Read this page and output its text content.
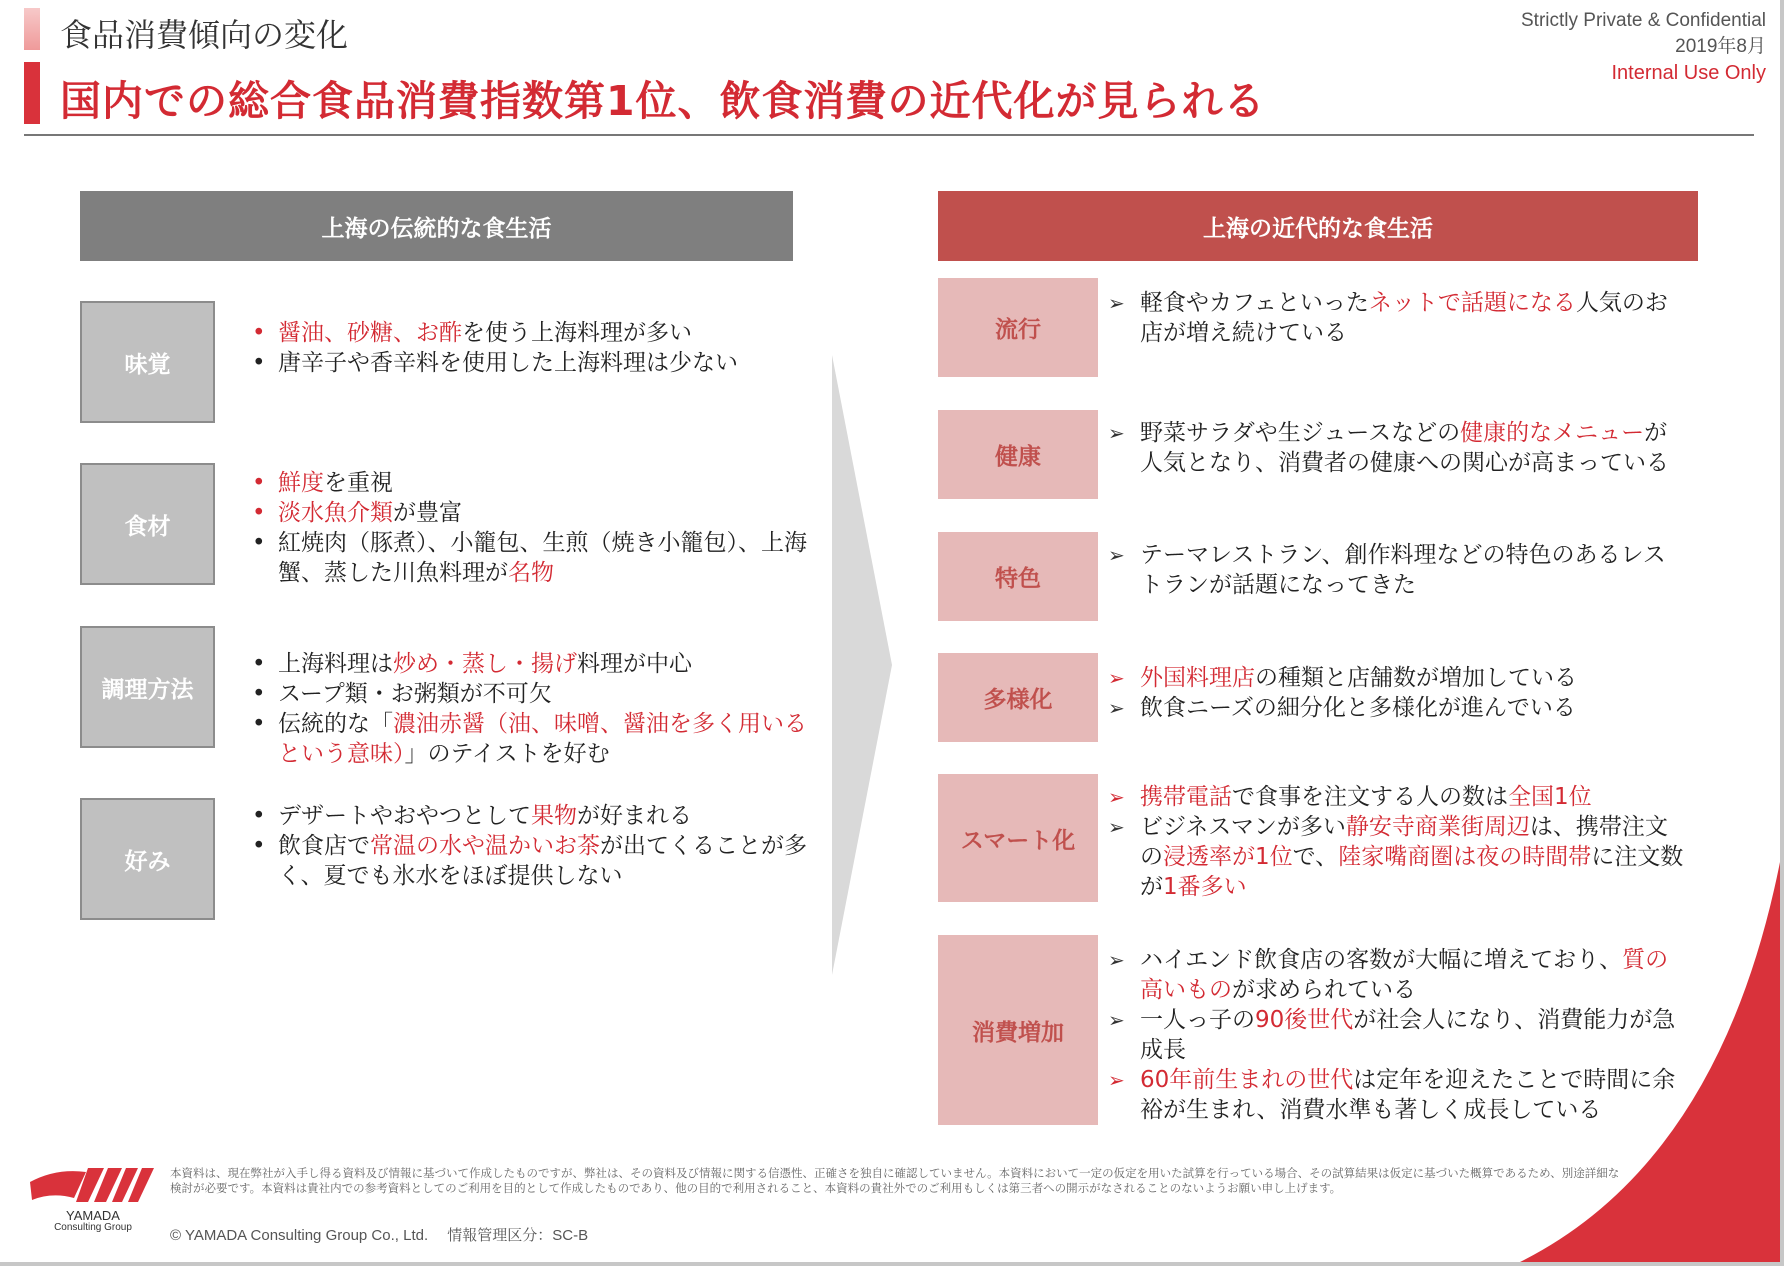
食品消費傾向の変化
国内での総合食品消費指数第1位、飲食消費の近代化が見られる
Strictly Private & Confidential
2019年8月
Internal Use Only
上海の伝統的な食生活
味覚
• 醤油、砂糖、お酢を使う上海料理が多い
• 唐辛子や香辛料を使用した上海料理は少ない
食材
• 鮮度を重視
• 淡水魚介類が豊富
• 紅焼肉（豚煮）、小籠包、生煎（焼き小籠包）、上海蟹、蒸した川魚料理が名物
調理方法
• 上海料理は炒め・蒸し・揚げ料理が中心
• スープ類・お粥類が不可欠
• 伝統的な「濃油赤醤（油、味噌、醤油を多く用いるという意味）」のテイストを好む
好み
• デザートやおやつとして果物が好まれる
• 飲食店で常温の水や温かいお茶が出てくることが多く、夏でも氷水をほぼ提供しない
上海の近代的な食生活
流行
➢ 軽食やカフェといったネットで話題になる人気のお店が増え続けている
健康
➢ 野菜サラダや生ジュースなどの健康的なメニューが人気となり、消費者の健康への関心が高まっている
特色
➢ テーマレストラン、創作料理などの特色のあるレストランが話題になってきた
多様化
➢ 外国料理店の種類と店舗数が増加している
➢ 飲食ニーズの細分化と多様化が進んでいる
スマート化
➢ 携帯電話で食事を注文する人の数は全国1位
➢ ビジネスマンが多い静安寺商業街周辺は、携帯注文の浸透率が1位で、陸家嘴商圏は夜の時間帯に注文数が1番多い
消費増加
➢ ハイエンド飲食店の客数が大幅に増えており、質の高いものが求められている
➢ 一人っ子の90後世代が社会人になり、消費能力が急成長
➢ 60年前生まれの世代は定年を迎えたことで時間に余裕が生まれ、消費水準も著しく成長している
YAMADA
Consulting Group
本資料は、現在弊社が入手し得る資料及び情報に基づいて作成したものですが、弊社は、その資料及び情報に関する信憑性、正確さを独自に確認していません。本資料において一定の仮定を用いた試算を行っている場合、その試算結果は仮定に基づいた概算であるため、別途詳細な検討が必要です。本資料は貴社内での参考資料としてのご利用を目的として作成したものであり、他の目的で利用されること、本資料の貴社外でのご利用もしくは第三者への開示がなされることのないようお願い申し上げます。
© YAMADA Consulting Group Co., Ltd.　 情報管理区分：SC-B
